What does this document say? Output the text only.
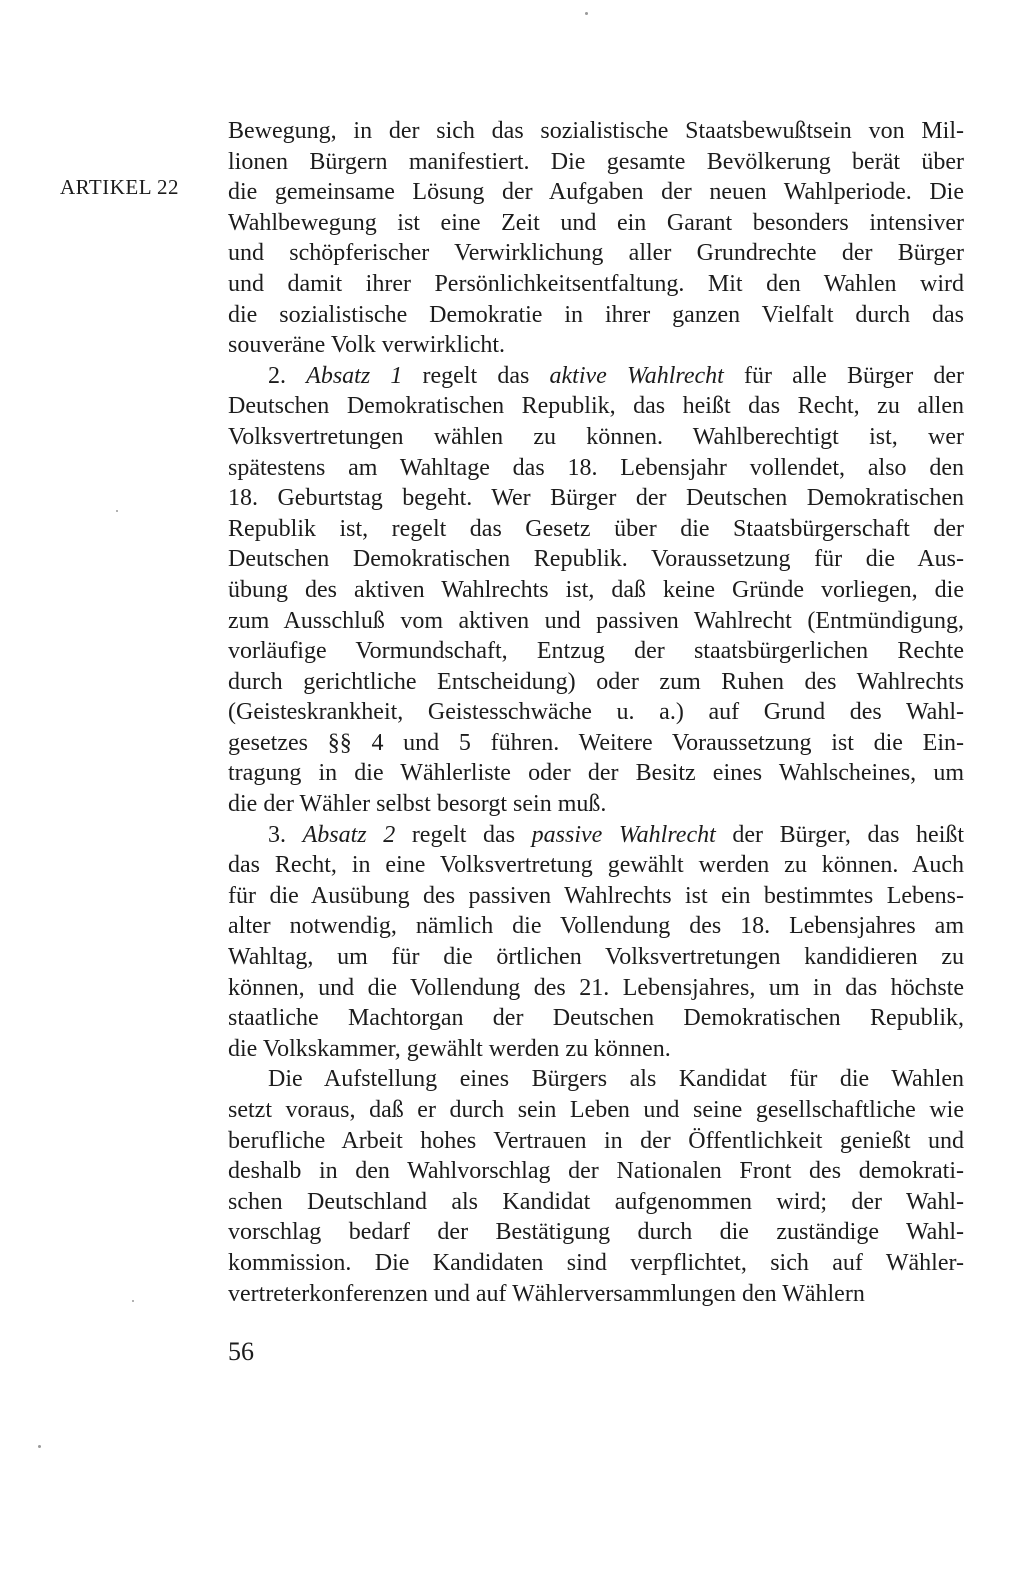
ARTIKEL 22
Bewegung, in der sich das sozialistische Staatsbewußtsein von Mil-
lionen Bürgern manifestiert. Die gesamte Bevölkerung berät über
die gemeinsame Lösung der Aufgaben der neuen Wahlperiode. Die
Wahlbewegung ist eine Zeit und ein Garant besonders intensiver
und schöpferischer Verwirklichung aller Grundrechte der Bürger
und damit ihrer Persönlichkeitsentfaltung. Mit den Wahlen wird
die sozialistische Demokratie in ihrer ganzen Vielfalt durch das
souveräne Volk verwirklicht.
2. Absatz 1 regelt das aktive Wahlrecht für alle Bürger der
Deutschen Demokratischen Republik, das heißt das Recht, zu allen
Volksvertretungen wählen zu können. Wahlberechtigt ist, wer
spätestens am Wahltage das 18. Lebensjahr vollendet, also den
18. Geburtstag begeht. Wer Bürger der Deutschen Demokratischen
Republik ist, regelt das Gesetz über die Staatsbürgerschaft der
Deutschen Demokratischen Republik. Voraussetzung für die Aus-
übung des aktiven Wahlrechts ist, daß keine Gründe vorliegen, die
zum Ausschluß vom aktiven und passiven Wahlrecht (Entmündigung,
vorläufige Vormundschaft, Entzug der staatsbürgerlichen Rechte
durch gerichtliche Entscheidung) oder zum Ruhen des Wahlrechts
(Geisteskrankheit, Geistesschwäche u. a.) auf Grund des Wahl-
gesetzes §§ 4 und 5 führen. Weitere Voraussetzung ist die Ein-
tragung in die Wählerliste oder der Besitz eines Wahlscheines, um
die der Wähler selbst besorgt sein muß.
3. Absatz 2 regelt das passive Wahlrecht der Bürger, das heißt
das Recht, in eine Volksvertretung gewählt werden zu können. Auch
für die Ausübung des passiven Wahlrechts ist ein bestimmtes Lebens-
alter notwendig, nämlich die Vollendung des 18. Lebensjahres am
Wahltag, um für die örtlichen Volksvertretungen kandidieren zu
können, und die Vollendung des 21. Lebensjahres, um in das höchste
staatliche Machtorgan der Deutschen Demokratischen Republik,
die Volkskammer, gewählt werden zu können.
Die Aufstellung eines Bürgers als Kandidat für die Wahlen
setzt voraus, daß er durch sein Leben und seine gesellschaftliche wie
berufliche Arbeit hohes Vertrauen in der Öffentlichkeit genießt und
deshalb in den Wahlvorschlag der Nationalen Front des demokrati-
schen Deutschland als Kandidat aufgenommen wird; der Wahl-
vorschlag bedarf der Bestätigung durch die zuständige Wahl-
kommission. Die Kandidaten sind verpflichtet, sich auf Wähler-
vertreterkonferenzen und auf Wählerversammlungen den Wählern
56
